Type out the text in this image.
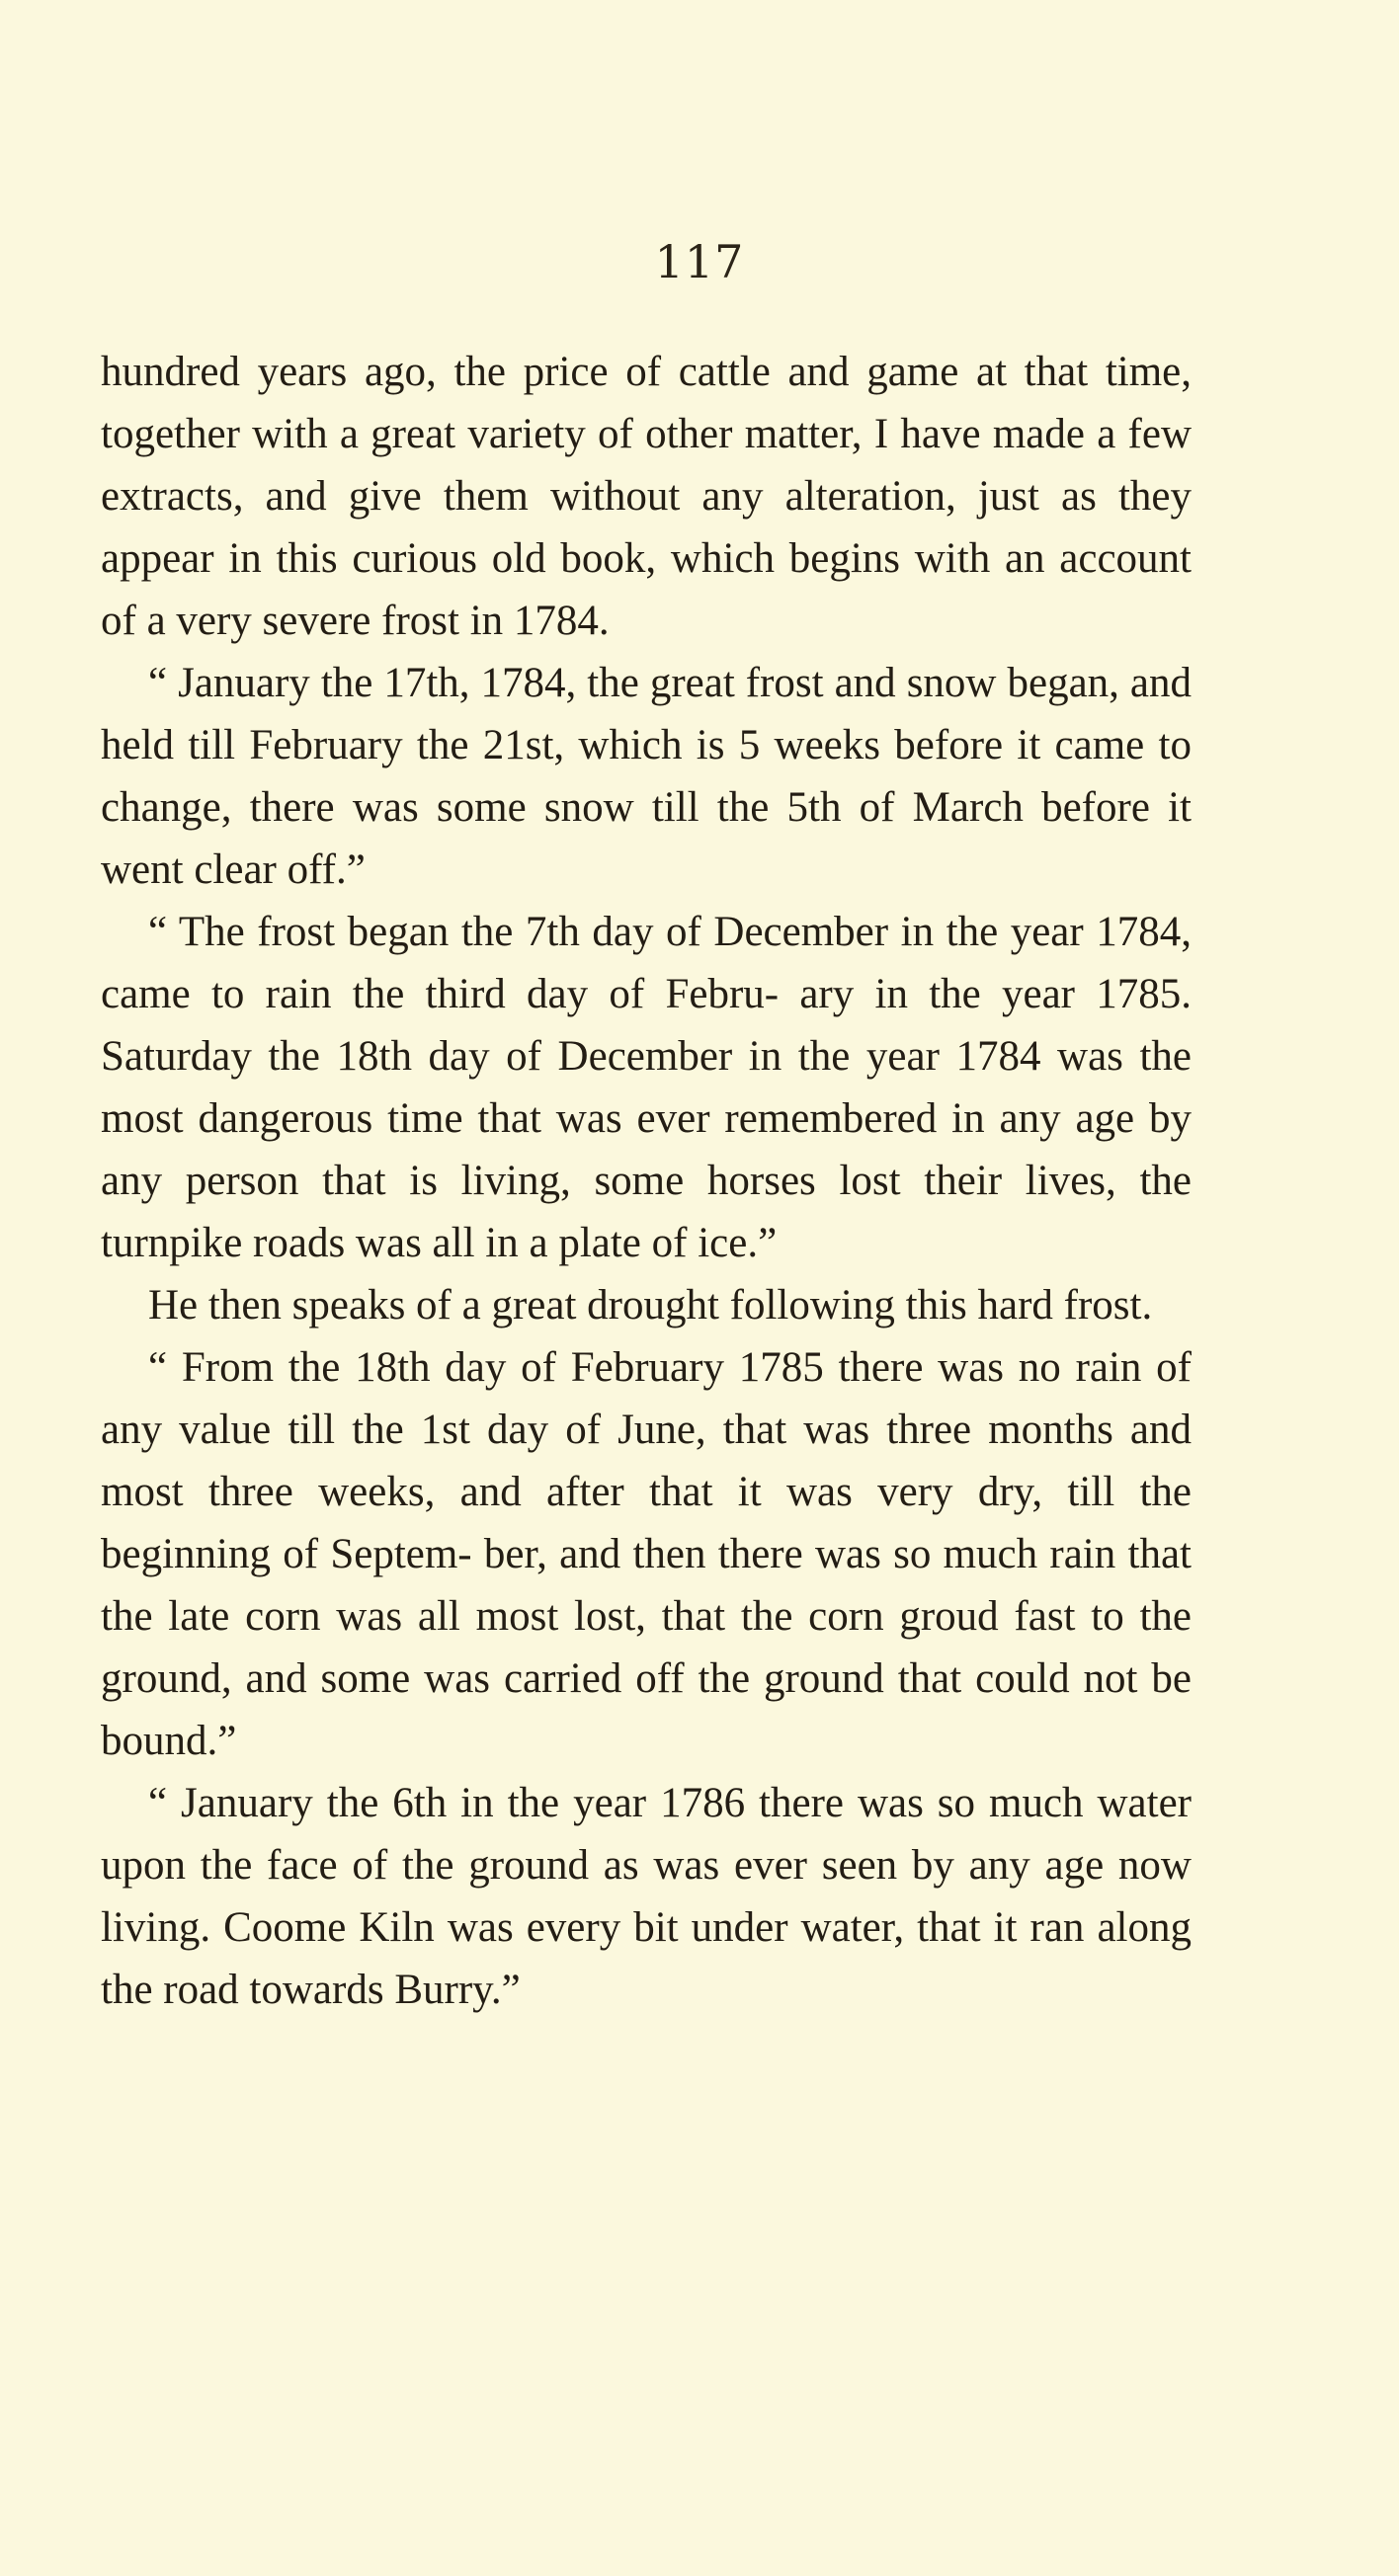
117

hundred years ago, the price of cattle and game at that time, together with a great variety of other matter, I have made a few extracts, and give them without any alteration, just as they appear in this curious old book, which begins with an account of a very severe frost in 1784.

“ January the 17th, 1784, the great frost and snow began, and held till February the 21st, which is 5 weeks before it came to change, there was some snow till the 5th of March before it went clear off.”

“ The frost began the 7th day of December in the year 1784, came to rain the third day of Febru- ary in the year 1785. Saturday the 18th day of December in the year 1784 was the most dangerous time that was ever remembered in any age by any person that is living, some horses lost their lives, the turnpike roads was all in a plate of ice.”

He then speaks of a great drought following this hard frost.

“ From the 18th day of February 1785 there was no rain of any value till the 1st day of June, that was three months and most three weeks, and after that it was very dry, till the beginning of Septem- ber, and then there was so much rain that the late corn was all most lost, that the corn groud fast to the ground, and some was carried off the ground that could not be bound.”

“ January the 6th in the year 1786 there was so much water upon the face of the ground as was ever seen by any age now living. Coome Kiln was every bit under water, that it ran along the road towards Burry.”
